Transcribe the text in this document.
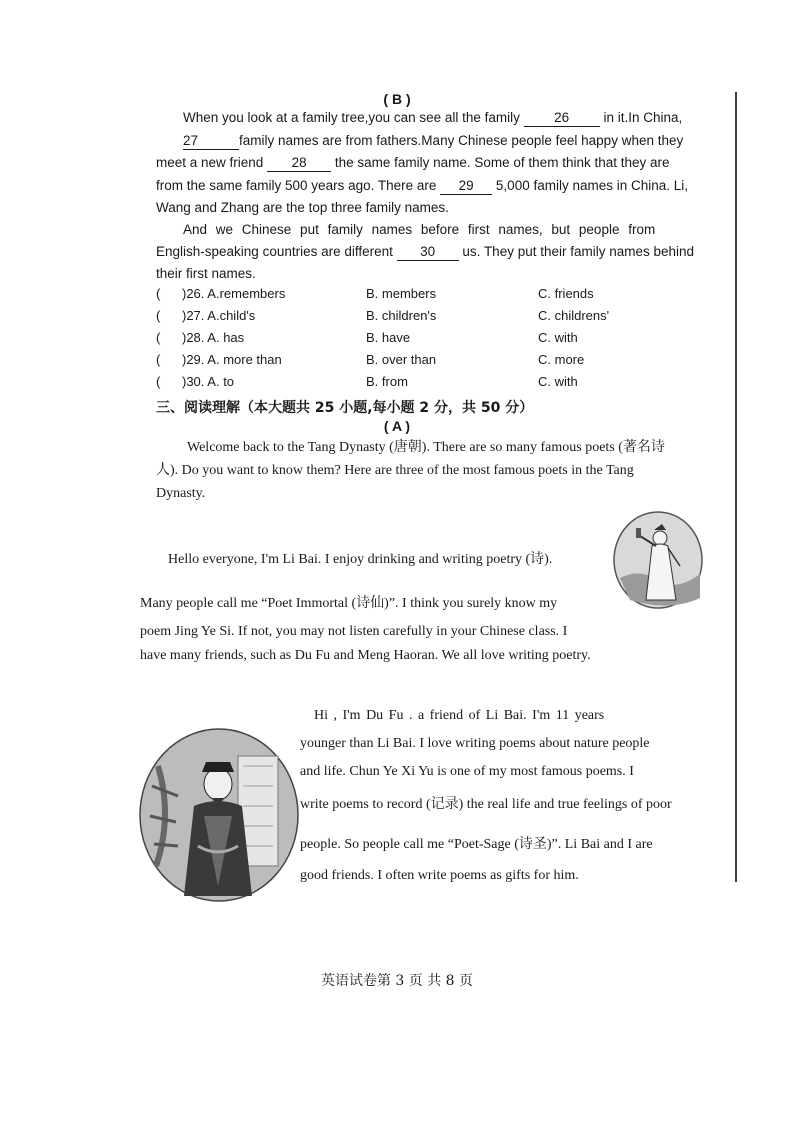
( B )
When you look at a family tree,you can see all the family	26	in it.In China,
27	family names are from fathers.Many Chinese people feel happy when they
meet a new friend 28 the same family name. Some of them think that they are
from the same family 500 years ago. There are 29 5,000 family names in China. Li,
Wang and Zhang are the top three family names.
And we Chinese put family names before first names, but people from
English-speaking countries are different 30 us. They put their family names behind
their first names.
( )26. A.remembers	B. members	C. friends
( )27. A.child's	B. children's	C. childrens'
( )28. A. has	B. have	C. with
( )29. A. more than	B. over than	C. more
( )30. A. to	B. from	C. with
三、阅读理解（本大题共 25 小题,每小题 2 分，共 50 分）
( A )
Welcome back to the Tang Dynasty (唐朝). There are so many famous poets (著名诗
人). Do you want to know them? Here are three of the most famous poets in the Tang
Dynasty.
Hello everyone, I'm Li Bai. I enjoy drinking and writing poetry (诗).
Many people call me “Poet Immortal (诗仙)”. I think you surely know my
poem Jing Ye Si. If not, you may not listen carefully in your Chinese class. I
have many friends, such as Du Fu and Meng Haoran. We all love writing poetry.
Hi , I'm Du Fu . a friend of Li Bai. I'm 11 years
younger than Li Bai. I love writing poems about nature people
and life. Chun Ye Xi Yu is one of my most famous poems. I
write poems to record (记录) the real life and true feelings of poor
people. So people call me “Poet-Sage (诗圣)”. Li Bai and I are
good friends. I often write poems as gifts for him.
英语试卷第 3 页 共 8 页
